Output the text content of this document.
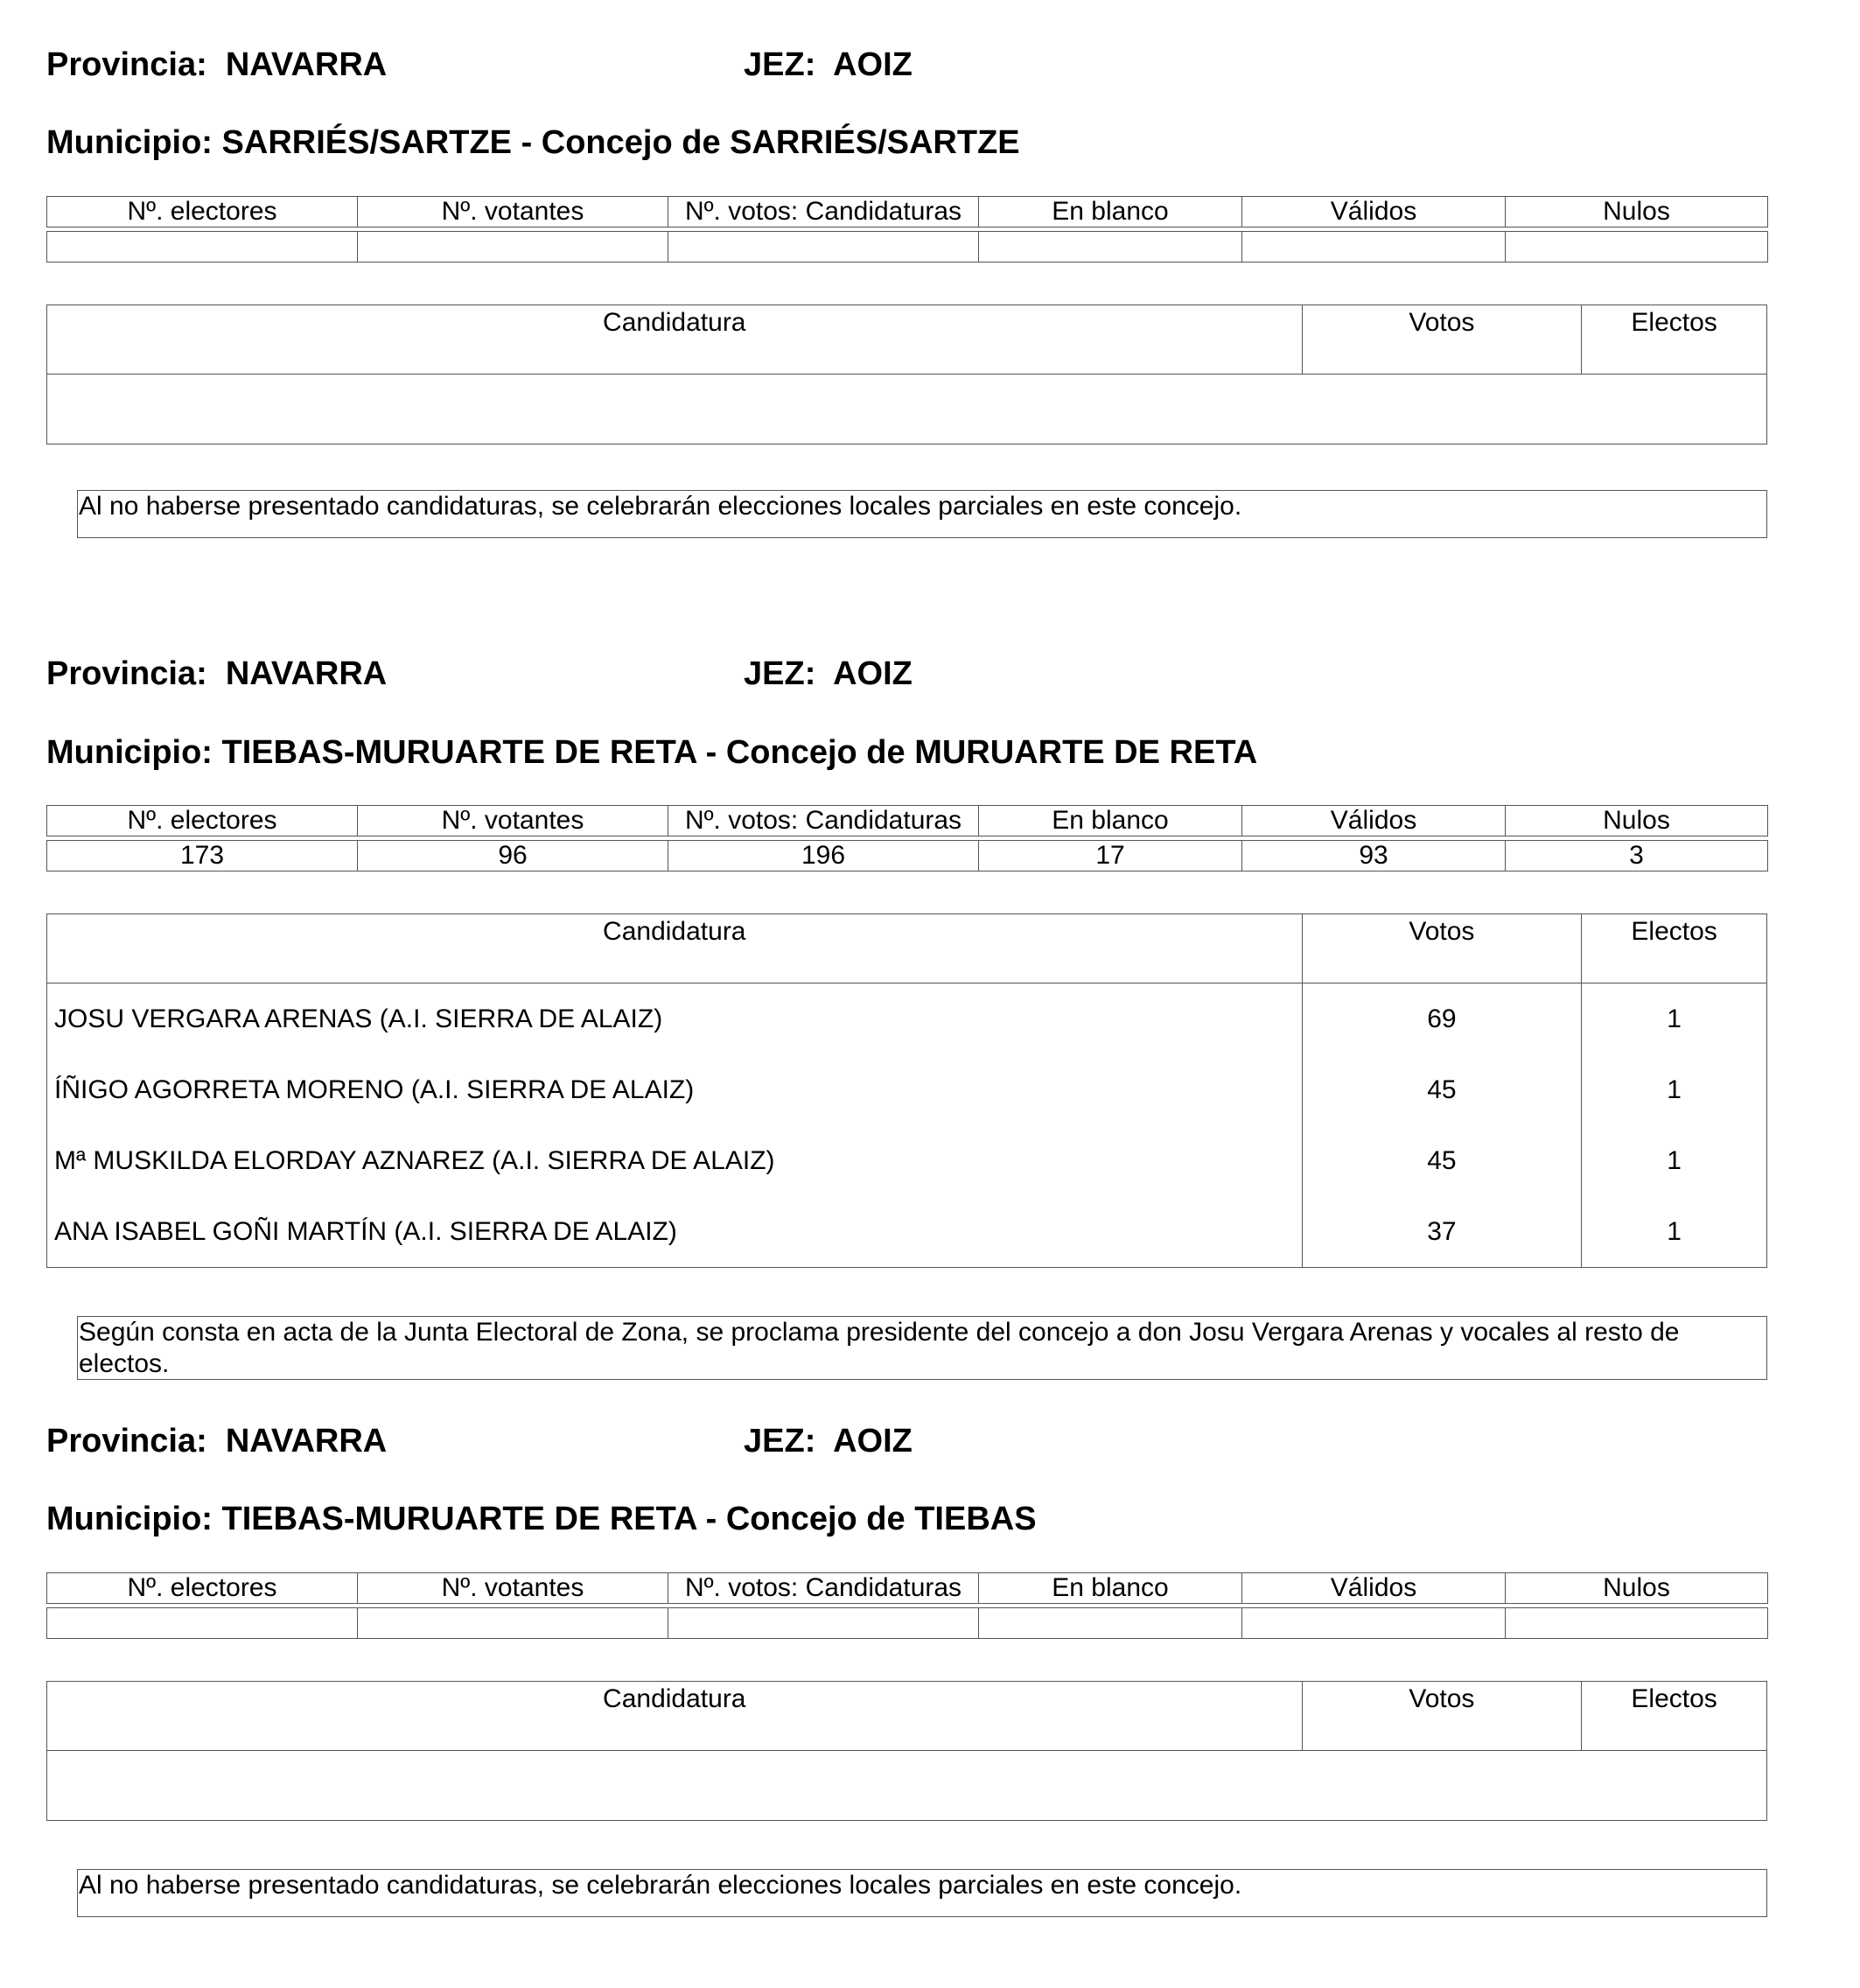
Provincia: NAVARRA	JEZ: AOIZ
Municipio: SARRIÉS/SARTZE - Concejo de SARRIÉS/SARTZE
Nº. electores	Nº. votantes	Nº. votos: Candidaturas	En blanco	Válidos	Nulos

Candidatura	Votos	Electos
Al no haberse presentado candidaturas, se celebrarán elecciones locales parciales en este concejo.
Provincia: NAVARRA	JEZ: AOIZ
Municipio: TIEBAS-MURUARTE DE RETA - Concejo de MURUARTE DE RETA
Nº. electores	Nº. votantes	Nº. votos: Candidaturas	En blanco	Válidos	Nulos

173	96	196	17	93	3
Candidatura	Votos	Electos
JOSU VERGARA ARENAS (A.I. SIERRA DE ALAIZ)	69	1
ÍÑIGO AGORRETA MORENO (A.I. SIERRA DE ALAIZ)	45	1
Mª MUSKILDA ELORDAY AZNAREZ (A.I. SIERRA DE ALAIZ)	45	1
ANA ISABEL GOÑI MARTÍN (A.I. SIERRA DE ALAIZ)	37	1
Según consta en acta de la Junta Electoral de Zona, se proclama presidente del concejo a don Josu Vergara Arenas y vocales al resto de electos.
Provincia: NAVARRA	JEZ: AOIZ
Municipio: TIEBAS-MURUARTE DE RETA - Concejo de TIEBAS
Nº. electores	Nº. votantes	Nº. votos: Candidaturas	En blanco	Válidos	Nulos

Candidatura	Votos	Electos
Al no haberse presentado candidaturas, se celebrarán elecciones locales parciales en este concejo.
